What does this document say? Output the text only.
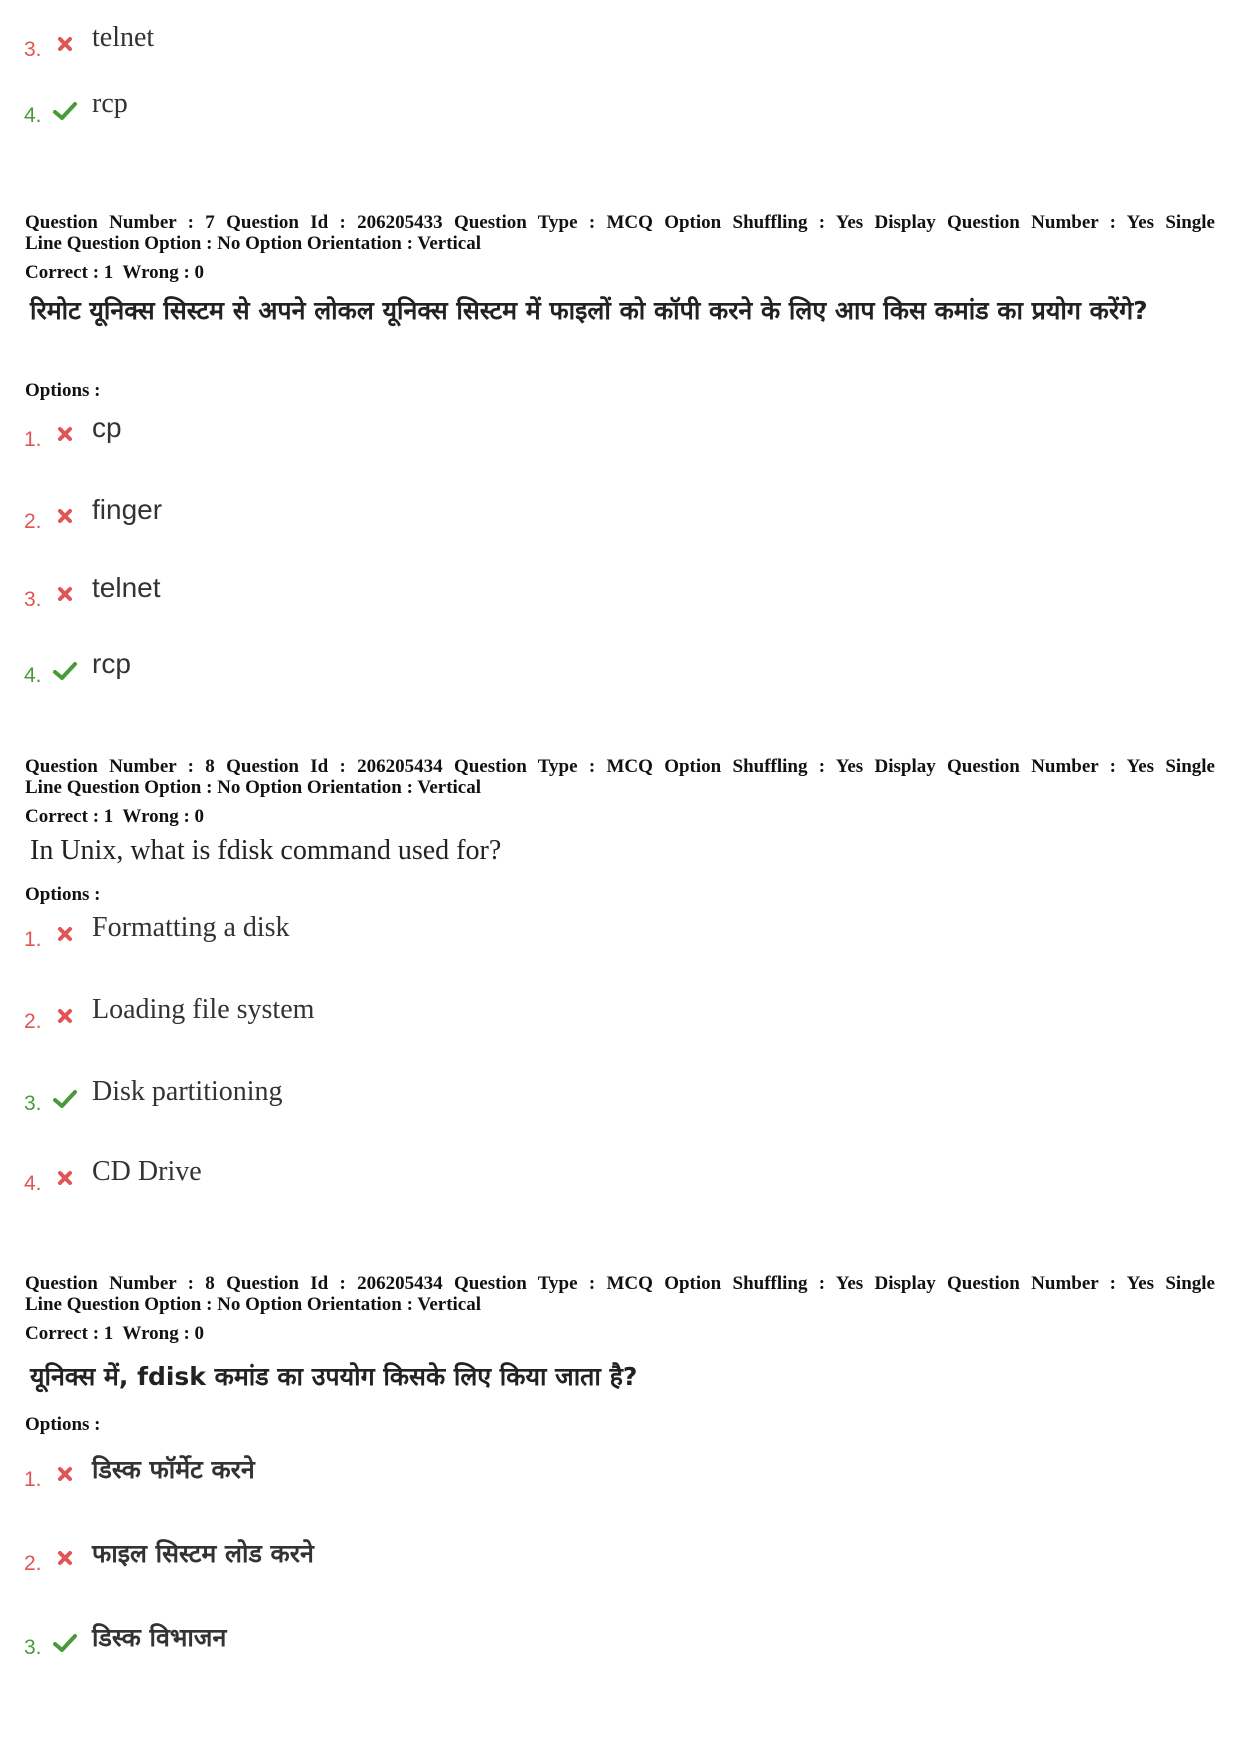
3. telnet
4. rcp
Question Number : 7 Question Id : 206205433 Question Type : MCQ Option Shuffling : Yes Display Question Number : Yes Single
Line Question Option : No Option Orientation : Vertical
Correct : 1  Wrong : 0
रिमोट यूनिक्स सिस्टम से अपने लोकल यूनिक्स सिस्टम में फाइलों को कॉपी करने के लिए आप किस कमांड का प्रयोग करेंगे?
Options :
1. cp
2. finger
3. telnet
4. rcp
Question Number : 8 Question Id : 206205434 Question Type : MCQ Option Shuffling : Yes Display Question Number : Yes Single
Line Question Option : No Option Orientation : Vertical
Correct : 1  Wrong : 0
In Unix, what is fdisk command used for?
Options :
1. Formatting a disk
2. Loading file system
3. Disk partitioning
4. CD Drive
Question Number : 8 Question Id : 206205434 Question Type : MCQ Option Shuffling : Yes Display Question Number : Yes Single
Line Question Option : No Option Orientation : Vertical
Correct : 1  Wrong : 0
यूनिक्स में, fdisk कमांड का उपयोग किसके लिए किया जाता है?
Options :
1. डिस्क फॉर्मेट करने
2. फाइल सिस्टम लोड करने
3. डिस्क विभाजन
